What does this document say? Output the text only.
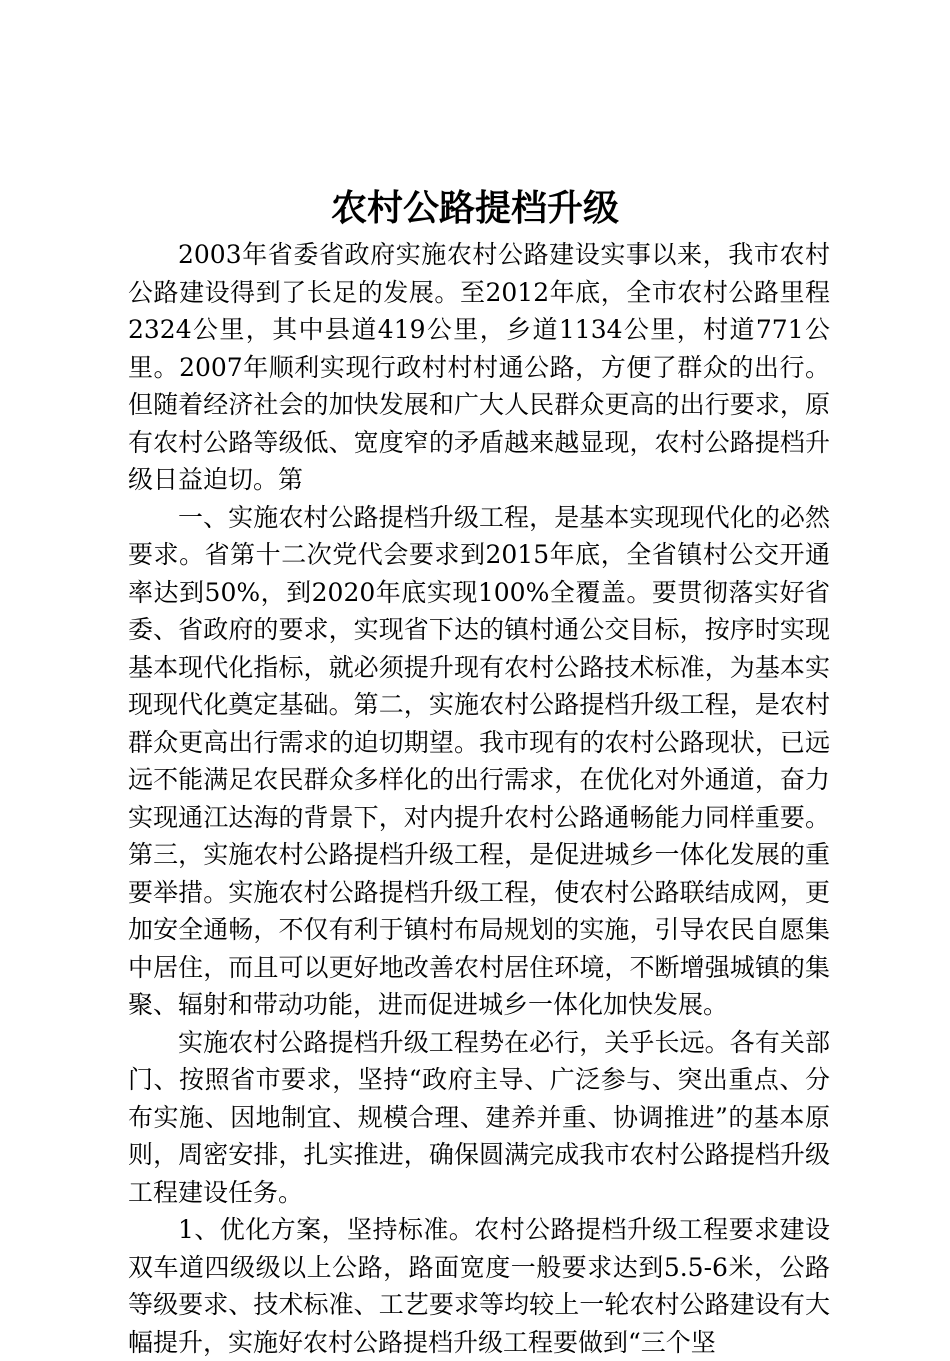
农村公路提档升级

2003年省委省政府实施农村公路建设实事以来，我市农村公路建设得到了长足的发展。至2012年底，全市农村公路里程2324公里，其中县道419公里，乡道1134公里，村道771公里。2007年顺利实现行政村村村通公路，方便了群众的出行。但随着经济社会的加快发展和广大人民群众更高的出行要求，原有农村公路等级低、宽度窄的矛盾越来越显现，农村公路提档升级日益迫切。第

一、实施农村公路提档升级工程，是基本实现现代化的必然要求。省第十二次党代会要求到2015年底，全省镇村公交开通率达到50%，到2020年底实现100%全覆盖。要贯彻落实好省委、省政府的要求，实现省下达的镇村通公交目标，按序时实现基本现代化指标，就必须提升现有农村公路技术标准，为基本实现现代化奠定基础。第二，实施农村公路提档升级工程，是农村群众更高出行需求的迫切期望。我市现有的农村公路现状，已远远不能满足农民群众多样化的出行需求，在优化对外通道，奋力实现通江达海的背景下，对内提升农村公路通畅能力同样重要。第三，实施农村公路提档升级工程，是促进城乡一体化发展的重要举措。实施农村公路提档升级工程，使农村公路联结成网，更加安全通畅，不仅有利于镇村布局规划的实施，引导农民自愿集中居住，而且可以更好地改善农村居住环境，不断增强城镇的集聚、辐射和带动功能，进而促进城乡一体化加快发展。

实施农村公路提档升级工程势在必行，关乎长远。各有关部门、按照省市要求，坚持“政府主导、广泛参与、突出重点、分布实施、因地制宜、规模合理、建养并重、协调推进”的基本原则，周密安排，扎实推进，确保圆满完成我市农村公路提档升级工程建设任务。

1、优化方案，坚持标准。农村公路提档升级工程要求建设双车道四级级以上公路，路面宽度一般要求达到5.5-6米，公路等级要求、技术标准、工艺要求等均较上一轮农村公路建设有大幅提升，实施好农村公路提档升级工程要做到“三个坚
